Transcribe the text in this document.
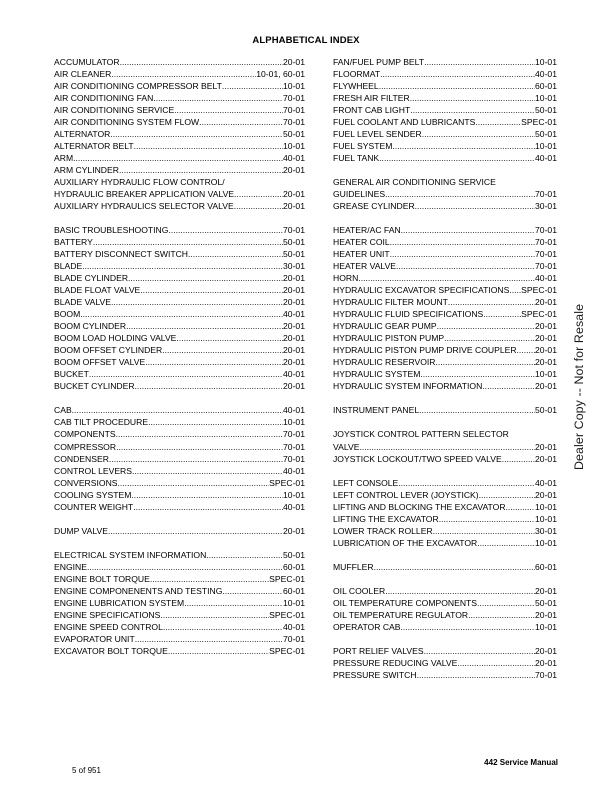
ALPHABETICAL INDEX
ACCUMULATOR .....	20-01
AIR CLEANER .....	10-01, 60-01
AIR CONDITIONING COMPRESSOR BELT .....	10-01
AIR CONDITIONING FAN .....	70-01
AIR CONDITIONING SERVICE .....	70-01
AIR CONDITIONING SYSTEM FLOW .....	70-01
ALTERNATOR .....	50-01
ALTERNATOR BELT .....	10-01
ARM .....	40-01
ARM CYLINDER .....	20-01
AUXILIARY HYDRAULIC FLOW CONTROL/
HYDRAULIC BREAKER APPLICATION VALVE .....	20-01
AUXILIARY HYDRAULICS SELECTOR VALVE .....	20-01
BASIC TROUBLESHOOTING .....	70-01
BATTERY .....	50-01
BATTERY DISCONNECT SWITCH .....	50-01
BLADE .....	30-01
BLADE CYLINDER .....	20-01
BLADE FLOAT VALVE .....	20-01
BLADE VALVE .....	20-01
BOOM .....	40-01
BOOM CYLINDER .....	20-01
BOOM LOAD HOLDING VALVE .....	20-01
BOOM OFFSET CYLINDER .....	20-01
BOOM OFFSET VALVE .....	20-01
BUCKET .....	40-01
BUCKET CYLINDER .....	20-01
CAB .....	40-01
CAB TILT PROCEDURE .....	10-01
COMPONENTS .....	70-01
COMPRESSOR .....	70-01
CONDENSER .....	70-01
CONTROL LEVERS .....	40-01
CONVERSIONS .....	SPEC-01
COOLING SYSTEM .....	10-01
COUNTER WEIGHT .....	40-01
DUMP VALVE .....	20-01
ELECTRICAL SYSTEM INFORMATION .....	50-01
ENGINE .....	60-01
ENGINE BOLT TORQUE .....	SPEC-01
ENGINE COMPONENENTS AND TESTING .....	60-01
ENGINE LUBRICATION SYSTEM .....	10-01
ENGINE SPECIFICATIONS .....	SPEC-01
ENGINE SPEED CONTROL .....	40-01
EVAPORATOR UNIT .....	70-01
EXCAVATOR BOLT TORQUE .....	SPEC-01
FAN/FUEL PUMP BELT .....	10-01
FLOORMAT .....	40-01
FLYWHEEL .....	60-01
FRESH AIR FILTER .....	10-01
FRONT CAB LIGHT .....	50-01
FUEL COOLANT AND LUBRICANTS .....	SPEC-01
FUEL LEVEL SENDER .....	50-01
FUEL SYSTEM .....	10-01
FUEL TANK .....	40-01
GENERAL AIR CONDITIONING SERVICE
GUIDELINES .....	70-01
GREASE CYLINDER .....	30-01
HEATER/AC FAN .....	70-01
HEATER COIL .....	70-01
HEATER UNIT .....	70-01
HEATER VALVE .....	70-01
HORN .....	40-01
HYDRAULIC EXCAVATOR SPECIFICATIONS ..... SPEC-01
HYDRAULIC FILTER MOUNT .....	20-01
HYDRAULIC FLUID SPECIFICATIONS .....	SPEC-01
HYDRAULIC GEAR PUMP .....	20-01
HYDRAULIC PISTON PUMP .....	20-01
HYDRAULIC PISTON PUMP DRIVE COUPLER ..... 20-01
HYDRAULIC RESERVOIR .....	20-01
HYDRAULIC SYSTEM .....	10-01
HYDRAULIC SYSTEM INFORMATION .....	20-01
INSTRUMENT PANEL .....	50-01
JOYSTICK CONTROL PATTERN SELECTOR
VALVE .....	20-01
JOYSTICK LOCKOUT/TWO SPEED VALVE .....	20-01
LEFT CONSOLE .....	40-01
LEFT CONTROL LEVER (JOYSTICK) .....	20-01
LIFTING AND BLOCKING THE EXCAVATOR .....	10-01
LIFTING THE EXCAVATOR .....	10-01
LOWER TRACK ROLLER .....	30-01
LUBRICATION OF THE EXCAVATOR .....	10-01
MUFFLER .....	60-01
OIL COOLER .....	20-01
OIL TEMPERATURE COMPONENTS .....	50-01
OIL TEMPERATURE REGULATOR .....	20-01
OPERATOR CAB .....	10-01
PORT RELIEF VALVES .....	20-01
PRESSURE REDUCING VALVE .....	20-01
PRESSURE SWITCH .....	70-01
Dealer Copy -- Not for Resale
5 of 951
442 Service Manual
